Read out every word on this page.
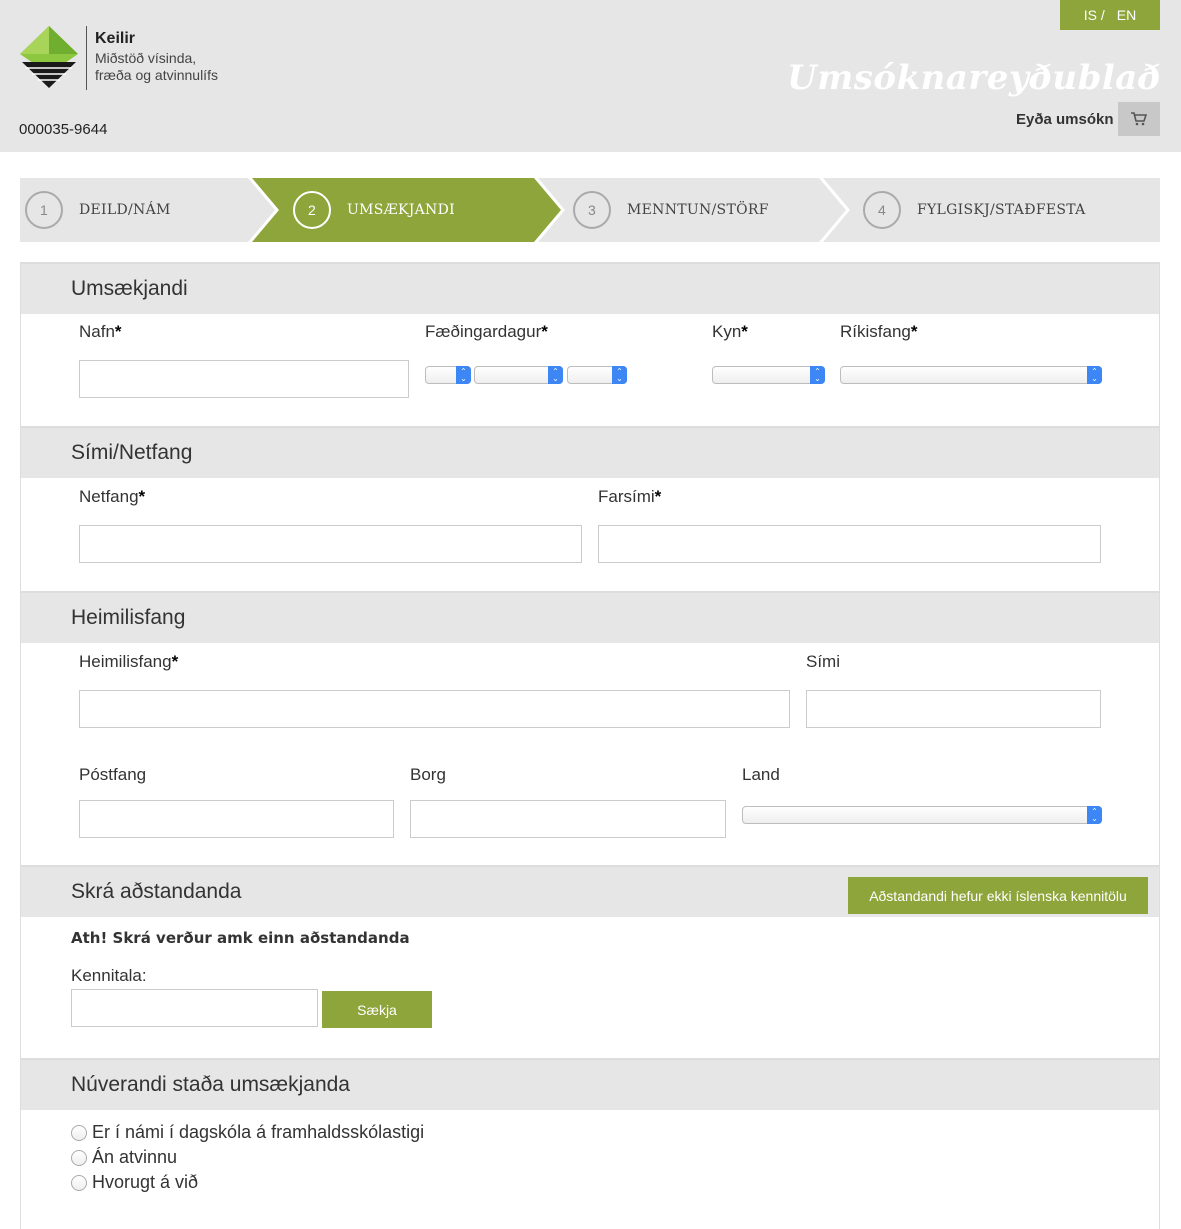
IS / EN
Keilir
Miðstöð vísinda,
fræða og atvinnulífs
000035-9644
Umsóknareyðublað
Eyða umsókn
1	DEILD/NÁM	2	UMSÆKJANDI	3	MENNTUN/STÖRF	4	FYLGISKJ/STAÐFESTA
Umsækjandi
Nafn*	Fæðingardagur*
⌃
⌄
⌃
⌄
⌃
⌄
Kyn*
⌃
⌄
Ríkisfang*
⌃
⌄
Sími/Netfang
Netfang*	Farsími*
Heimilisfang
Heimilisfang*	Sími
Póstfang	Borg	Land
⌃
⌄
Skrá aðstandanda	Aðstandandi hefur ekki íslenska kennitölu
Ath! Skrá verður amk einn aðstandanda
Kennitala:
Sækja
Núverandi staða umsækjanda
Er í námi í dagskóla á framhaldsskólastigi
Án atvinnu
Hvorugt á við
